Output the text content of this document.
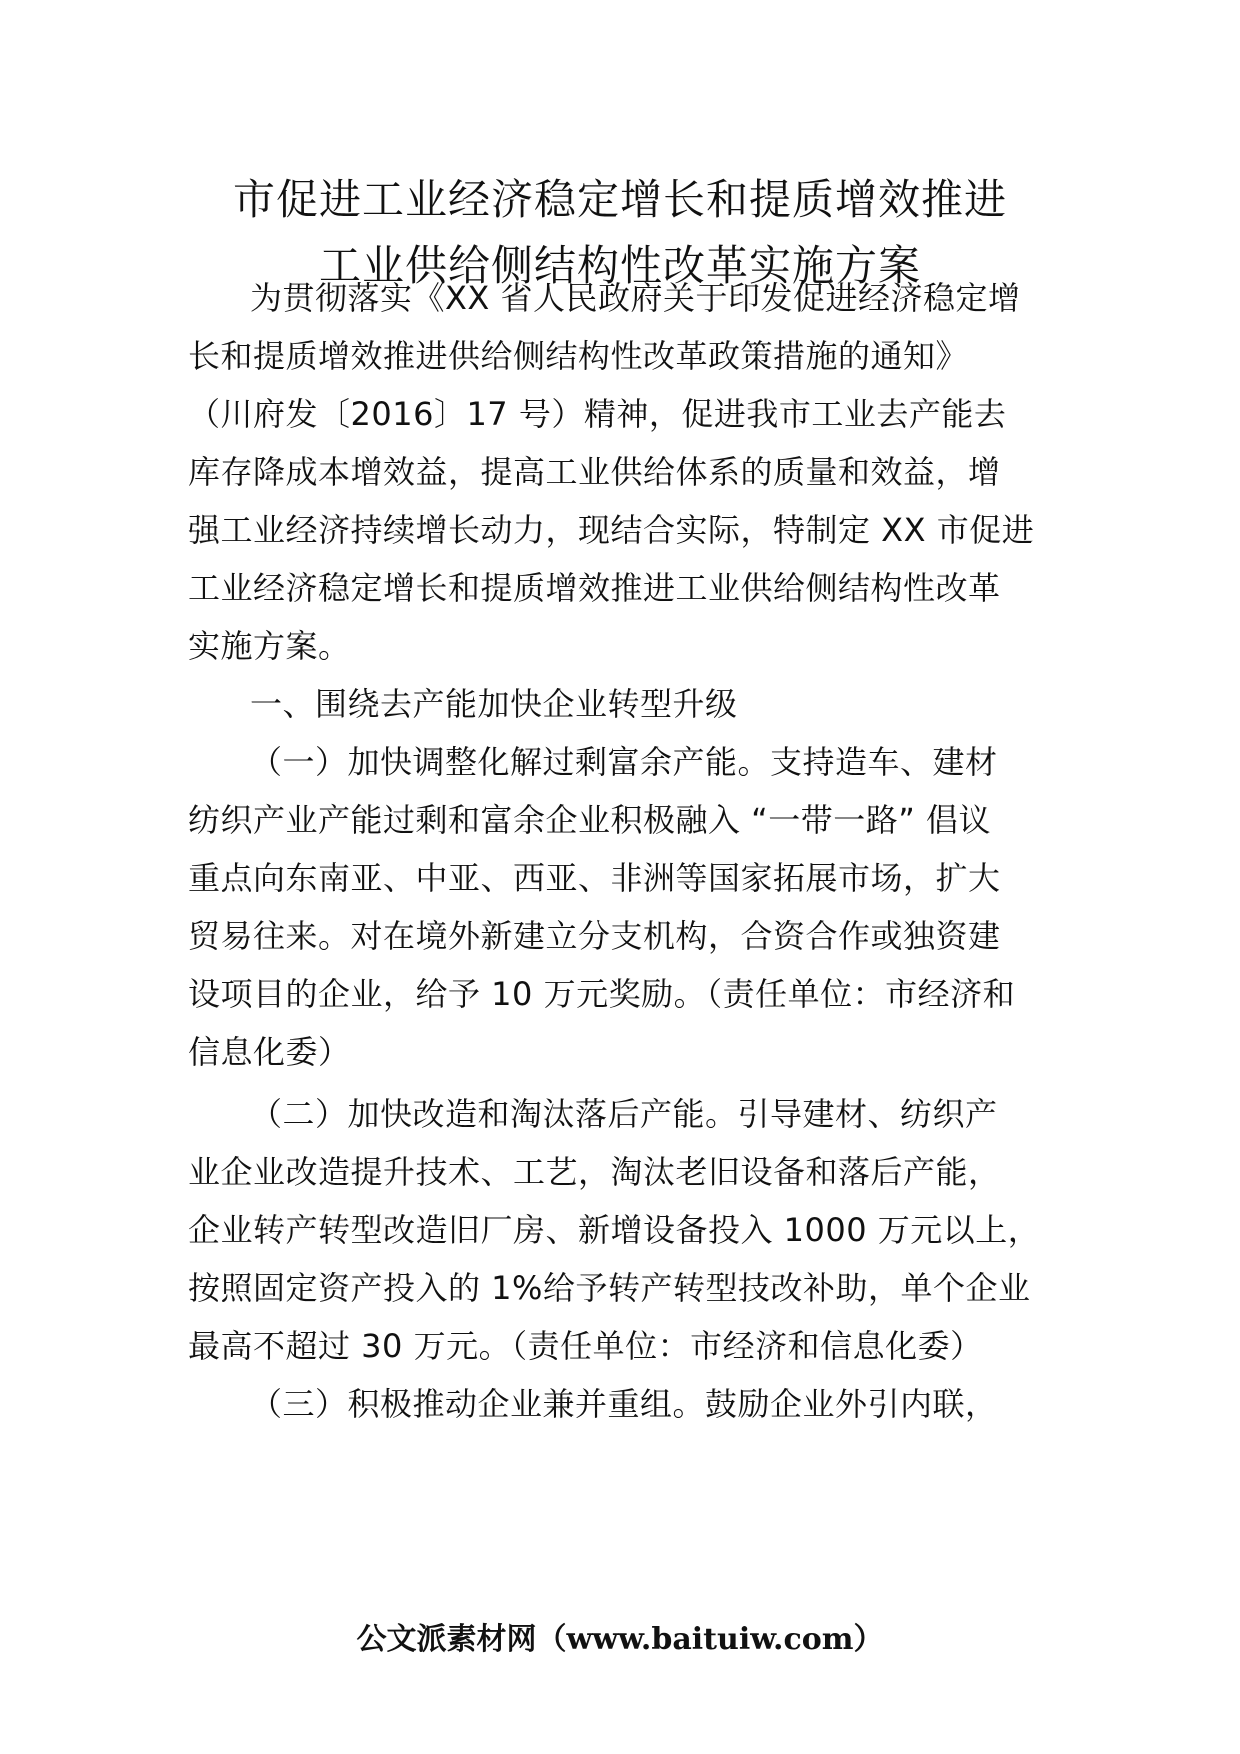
市促进工业经济稳定增长和提质增效推进
工业供给侧结构性改革实施方案
为贯彻落实《XX 省人民政府关于印发促进经济稳定增
长和提质增效推进供给侧结构性改革政策措施的通知》
（川府发〔2016〕17 号）精神，促进我市工业去产能去
库存降成本增效益，提高工业供给体系的质量和效益，增
强工业经济持续增长动力，现结合实际，特制定 XX 市促进
工业经济稳定增长和提质增效推进工业供给侧结构性改革
实施方案。
一、围绕去产能加快企业转型升级
（一）加快调整化解过剩富余产能。支持造车、建材
纺织产业产能过剩和富余企业积极融入 “一带一路” 倡议
重点向东南亚、中亚、西亚、非洲等国家拓展市场，扩大
贸易往来。对在境外新建立分支机构，合资合作或独资建
设项目的企业，给予 10 万元奖励。（责任单位：市经济和
信息化委）
（二）加快改造和淘汰落后产能。引导建材、纺织产
业企业改造提升技术、工艺，淘汰老旧设备和落后产能，
企业转产转型改造旧厂房、新增设备投入 1000 万元以上，
按照固定资产投入的 1%给予转产转型技改补助，单个企业
最高不超过 30 万元。（责任单位：市经济和信息化委）
（三）积极推动企业兼并重组。鼓励企业外引内联，
公文派素材网（www.baituiw.com）
